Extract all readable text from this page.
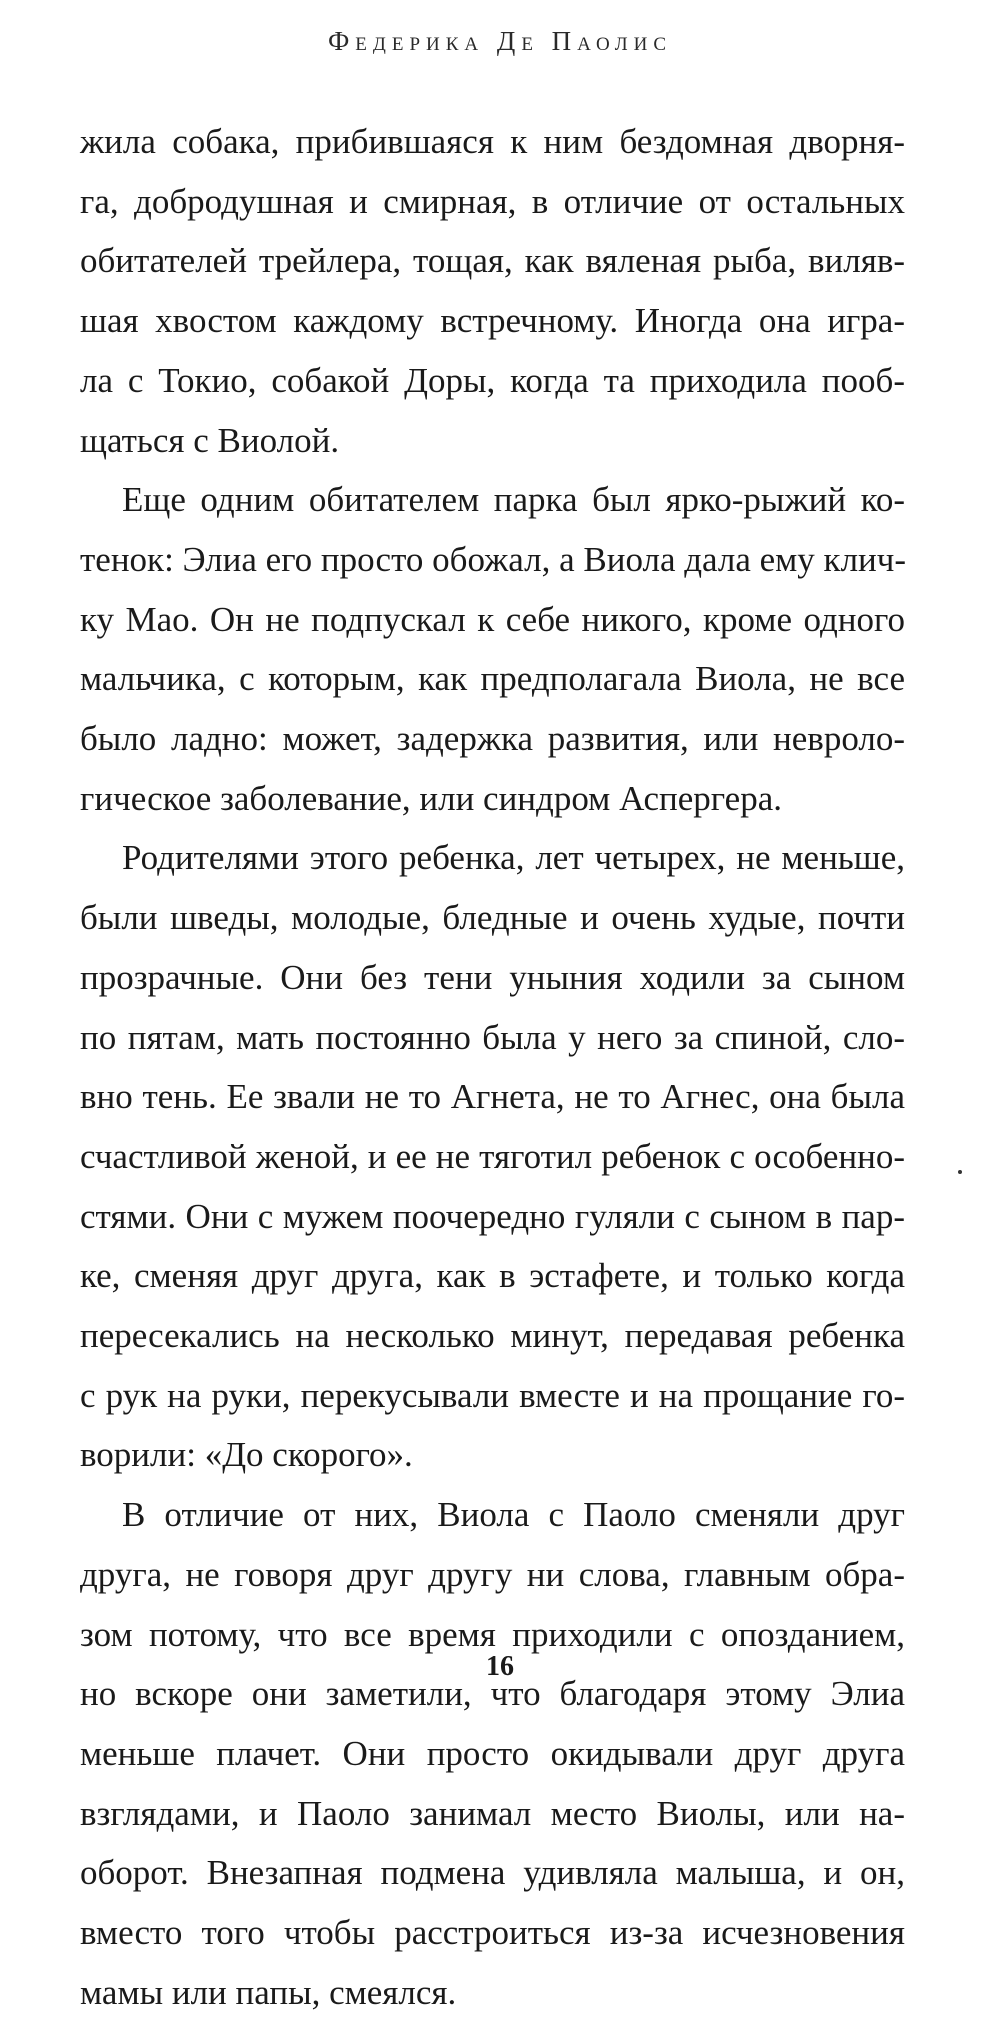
Федерика Де Паолис
жила собака, прибившаяся к ним бездомная дворня-
га, добродушная и смирная, в отличие от остальных
обитателей трейлера, тощая, как вяленая рыба, виляв-
шая хвостом каждому встречному. Иногда она игра-
ла с Токио, собакой Доры, когда та приходила пооб-
щаться с Виолой.
Еще одним обитателем парка был ярко-рыжий ко-
тенок: Элиа его просто обожал, а Виола дала ему клич-
ку Мао. Он не подпускал к себе никого, кроме одного
мальчика, с которым, как предполагала Виола, не все
было ладно: может, задержка развития, или невроло-
гическое заболевание, или синдром Аспергера.
Родителями этого ребенка, лет четырех, не меньше,
были шведы, молодые, бледные и очень худые, почти
прозрачные. Они без тени уныния ходили за сыном
по пятам, мать постоянно была у него за спиной, сло-
вно тень. Ее звали не то Агнета, не то Агнес, она была
счастливой женой, и ее не тяготил ребенок с особенно-
стями. Они с мужем поочередно гуляли с сыном в пар-
ке, сменяя друг друга, как в эстафете, и только когда
пересекались на несколько минут, передавая ребенка
с рук на руки, перекусывали вместе и на прощание го-
ворили: «До скорого».
В отличие от них, Виола с Паоло сменяли друг
друга, не говоря друг другу ни слова, главным обра-
зом потому, что все время приходили с опозданием,
но вскоре они заметили, что благодаря этому Элиа
меньше плачет. Они просто окидывали друг друга
взглядами, и Паоло занимал место Виолы, или на-
оборот. Внезапная подмена удивляла малыша, и он,
вместо того чтобы расстроиться из-за исчезновения
мамы или папы, смеялся.
16
